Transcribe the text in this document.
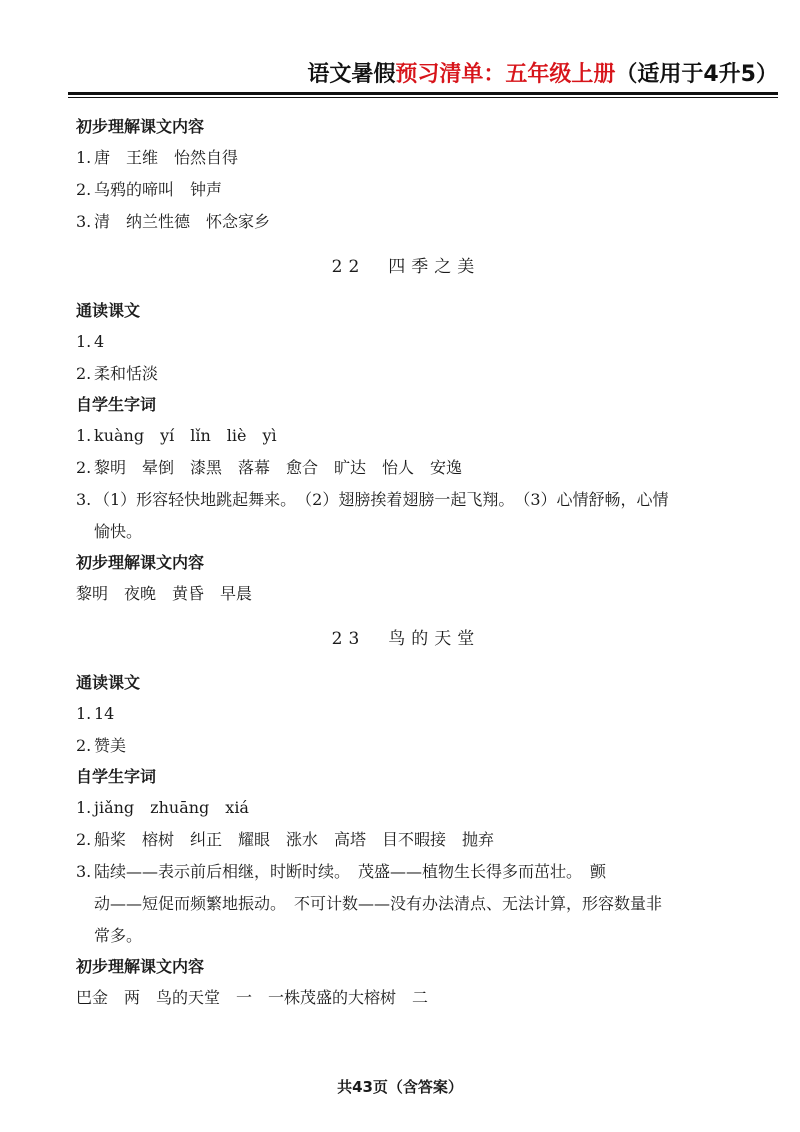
语文暑假 预习清单：五年级上册 （适用于4升5）
初步理解课文内容
1. 唐　王维　怡然自得
2. 乌鸦的啼叫　钟声
3. 清　纳兰性德　怀念家乡
22　四季之美
通读课文
1. 4
2. 柔和恬淡
自学生字词
1. kuàng　yí　lǐn　liè　yì
2. 黎明　晕倒　漆黑　落幕　愈合　旷达　怡人　安逸
3. （1）形容轻快地跳起舞来。　（2）翅膀挨着翅膀一起飞翔。　（3）心情舒畅，心情
愉快。
初步理解课文内容
黎明　夜晚　黄昏　早晨
23　鸟的天堂
通读课文
1. 14
2. 赞美
自学生字词
1. jiǎng　zhuāng　xiá
2. 船桨　榕树　纠正　耀眼　涨水　高塔　目不暇接　抛弃
3. 陆续——表示前后相继，时断时续。　茂盛——植物生长得多而茁壮。　颤
动——短促而频繁地振动。　不可计数——没有办法清点、无法计算，形容数量非
常多。
初步理解课文内容
巴金　两　鸟的天堂　一　一株茂盛的大榕树　二
共43页（含答案）
